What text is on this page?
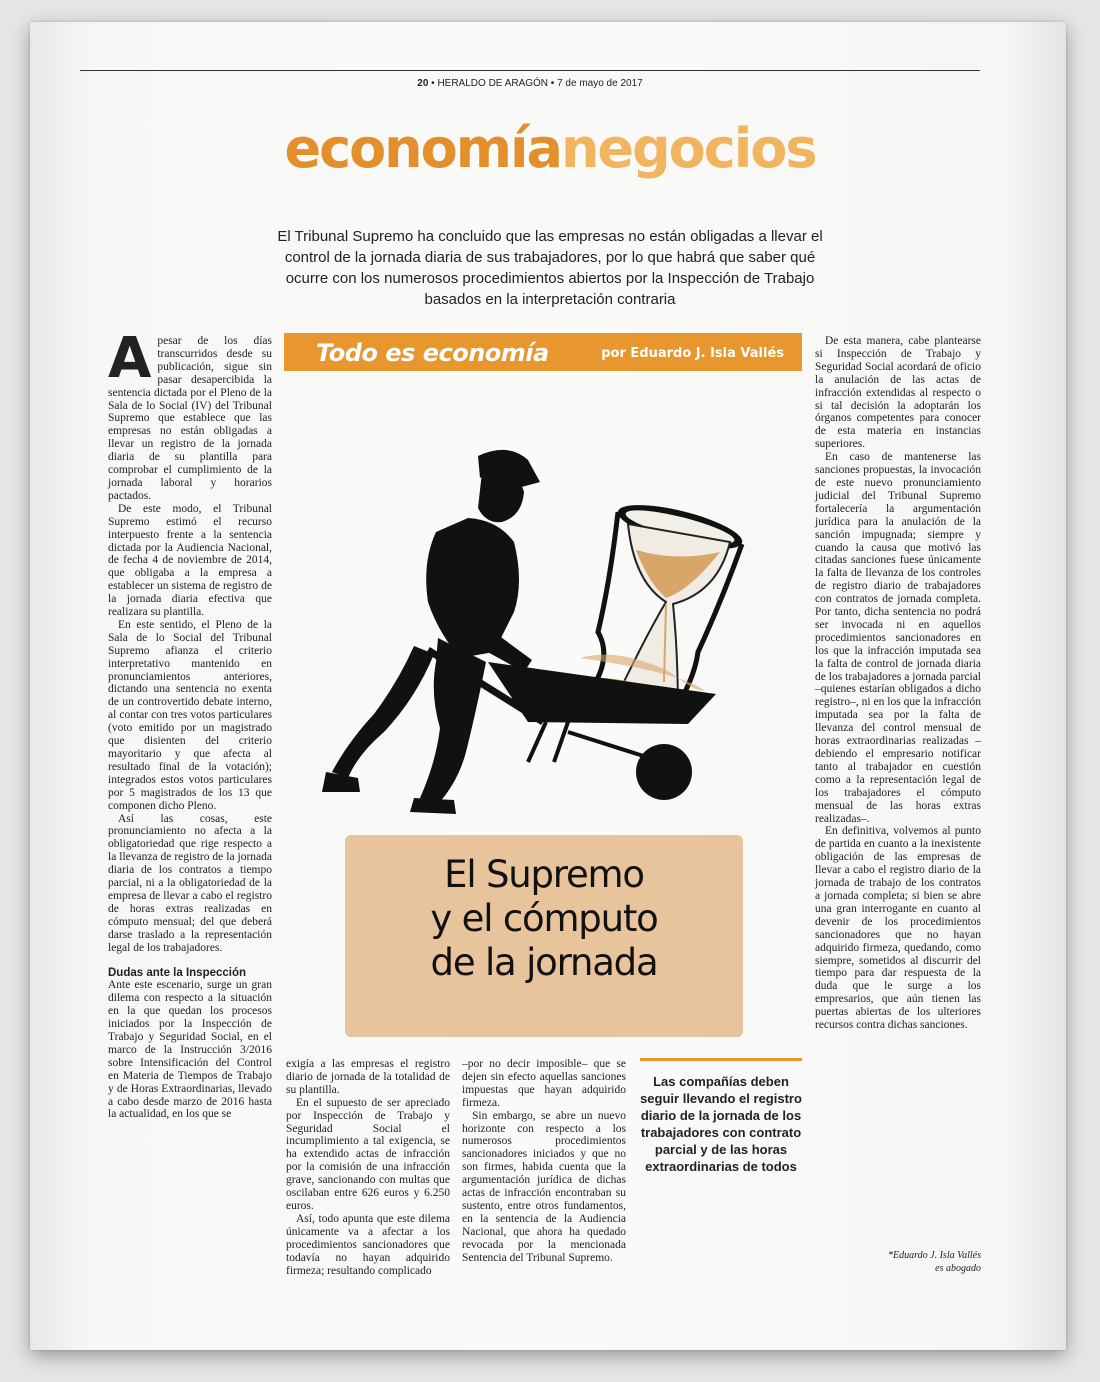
20 • HERALDO DE ARAGÓN • 7 de mayo de 2017
economíanegocios
El Tribunal Supremo ha concluido que las empresas no están obligadas a llevar el control de la jornada diaria de sus trabajadores, por lo que habrá que saber qué ocurre con los numerosos procedimientos abiertos por la Inspección de Trabajo basados en la interpretación contraria
Todo es economía	por Eduardo J. Isla Vallés

Apesar de los días transcurridos desde su publicación, sigue sin pasar desapercibida la sentencia dictada por el Pleno de la Sala de lo Social (IV) del Tribunal Supremo que establece que las empresas no están obligadas a llevar un registro de la jornada diaria de su plantilla para comprobar el cumplimiento de la jornada laboral y horarios pactados.

De este modo, el Tribunal Supremo estimó el recurso interpuesto frente a la sentencia dictada por la Audiencia Nacional, de fecha 4 de noviembre de 2014, que obligaba a la empresa a establecer un sistema de registro de la jornada diaria efectiva que realizara su plantilla.

En este sentido, el Pleno de la Sala de lo Social del Tribunal Supremo afianza el criterio interpretativo mantenido en pronunciamientos anteriores, dictando una sentencia no exenta de un controvertido debate interno, al contar con tres votos particulares (voto emitido por un magistrado que disienten del criterio mayoritario y que afecta al resultado final de la votación); integrados estos votos particulares por 5 magistrados de los 13 que componen dicho Pleno.

Así las cosas, este pronunciamiento no afecta a la obligatoriedad que rige respecto a la llevanza de registro de la jornada diaria de los contratos a tiempo parcial, ni a la obligatoriedad de la empresa de llevar a cabo el registro de horas extras realizadas en cómputo mensual; del que deberá darse traslado a la representación legal de los trabajadores.

Dudas ante la Inspección

Ante este escenario, surge un gran dilema con respecto a la situación en la que quedan los procesos iniciados por la Inspección de Trabajo y Seguridad Social, en el marco de la Instrucción 3/2016 sobre Intensificación del Control en Materia de Tiempos de Trabajo y de Horas Extraordinarias, llevado a cabo desde marzo de 2016 hasta la actualidad, en los que se

El Supremo
y el cómputo
de la jornada

exigía a las empresas el registro diario de jornada de la totalidad de su plantilla.

En el supuesto de ser apreciado por Inspección de Trabajo y Seguridad Social el incumplimiento a tal exigencia, se ha extendido actas de infracción por la comisión de una infracción grave, sancionando con multas que oscilaban entre 626 euros y 6.250 euros.

Así, todo apunta que este dilema únicamente va a afectar a los procedimientos sancionadores que todavía no hayan adquirido firmeza; resultando complicado

–por no decir imposible– que se dejen sin efecto aquellas sanciones impuestas que hayan adquirido firmeza.

Sin embargo, se abre un nuevo horizonte con respecto a los numerosos procedimientos sancionadores iniciados y que no son firmes, habida cuenta que la argumentación jurídica de dichas actas de infracción encontraban su sustento, entre otros fundamentos, en la sentencia de la Audiencia Nacional, que ahora ha quedado revocada por la mencionada Sentencia del Tribunal Supremo.

Las compañías deben seguir llevando el registro diario de la jornada de los trabajadores con contrato parcial y de las horas extraordinarias de todos

De esta manera, cabe plantearse si Inspección de Trabajo y Seguridad Social acordará de oficio la anulación de las actas de infracción extendidas al respecto o si tal decisión la adoptarán los órganos competentes para conocer de esta materia en instancias superiores.

En caso de mantenerse las sanciones propuestas, la invocación de este nuevo pronunciamiento judicial del Tribunal Supremo fortalecería la argumentación jurídica para la anulación de la sanción impugnada; siempre y cuando la causa que motivó las citadas sanciones fuese únicamente la falta de llevanza de los controles de registro diario de trabajadores con contratos de jornada completa. Por tanto, dicha sentencia no podrá ser invocada ni en aquellos procedimientos sancionadores en los que la infracción imputada sea la falta de control de jornada diaria de los trabajadores a jornada parcial –quienes estarían obligados a dicho registro–, ni en los que la infracción imputada sea por la falta de llevanza del control mensual de horas extraordinarias realizadas –debiendo el empresario notificar tanto al trabajador en cuestión como a la representación legal de los trabajadores el cómputo mensual de las horas extras realizadas–.

En definitiva, volvemos al punto de partida en cuanto a la inexistente obligación de las empresas de llevar a cabo el registro diario de la jornada de trabajo de los contratos a jornada completa; si bien se abre una gran interrogante en cuanto al devenir de los procedimientos sancionadores que no hayan adquirido firmeza, quedando, como siempre, sometidos al discurrir del tiempo para dar respuesta de la duda que le surge a los empresarios, que aún tienen las puertas abiertas de los ulteriores recursos contra dichas sanciones.

*Eduardo J. Isla Vallés
es abogado
